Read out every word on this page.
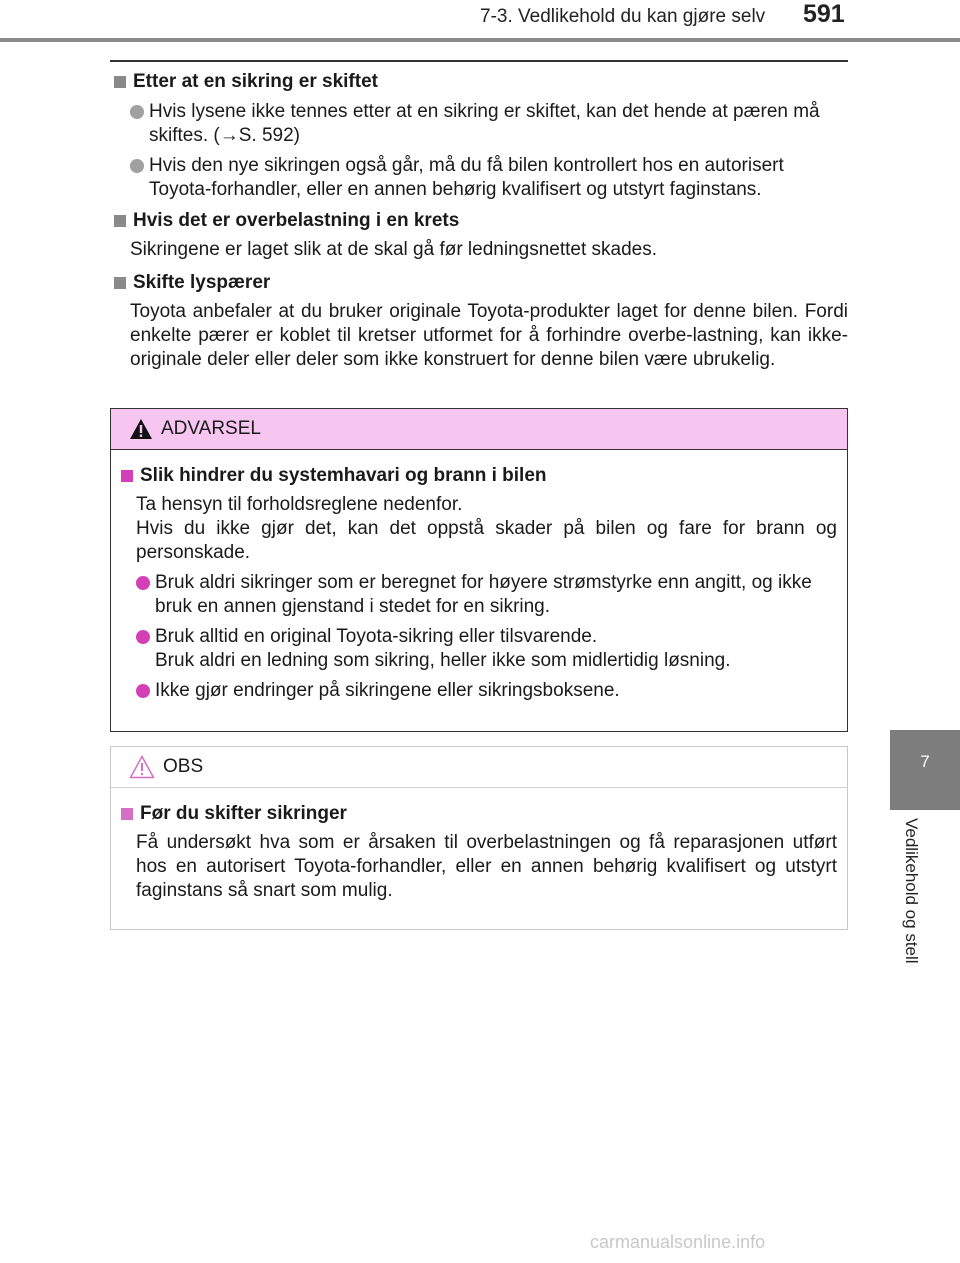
7-3. Vedlikehold du kan gjøre selv	591
7
Vedlikehold og stell
Etter at en sikring er skiftet
Hvis lysene ikke tennes etter at en sikring er skiftet, kan det hende at pæren må skiftes. (→S. 592)
Hvis den nye sikringen også går, må du få bilen kontrollert hos en autorisert Toyota-forhandler, eller en annen behørig kvalifisert og utstyrt faginstans.
Hvis det er overbelastning i en krets
Sikringene er laget slik at de skal gå før ledningsnettet skades.
Skifte lyspærer
Toyota anbefaler at du bruker originale Toyota-produkter laget for denne bilen. Fordi enkelte pærer er koblet til kretser utformet for å forhindre overbe-lastning, kan ikke-originale deler eller deler som ikke konstruert for denne bilen være ubrukelig.
ADVARSEL
Slik hindrer du systemhavari og brann i bilen
Ta hensyn til forholdsreglene nedenfor.
Hvis du ikke gjør det, kan det oppstå skader på bilen og fare for brann og personskade.
Bruk aldri sikringer som er beregnet for høyere strømstyrke enn angitt, og ikke bruk en annen gjenstand i stedet for en sikring.
Bruk alltid en original Toyota-sikring eller tilsvarende.
Bruk aldri en ledning som sikring, heller ikke som midlertidig løsning.
Ikke gjør endringer på sikringene eller sikringsboksene.
OBS
Før du skifter sikringer
Få undersøkt hva som er årsaken til overbelastningen og få reparasjonen utført hos en autorisert Toyota-forhandler, eller en annen behørig kvalifisert og utstyrt faginstans så snart som mulig.
carmanualsonline.info
